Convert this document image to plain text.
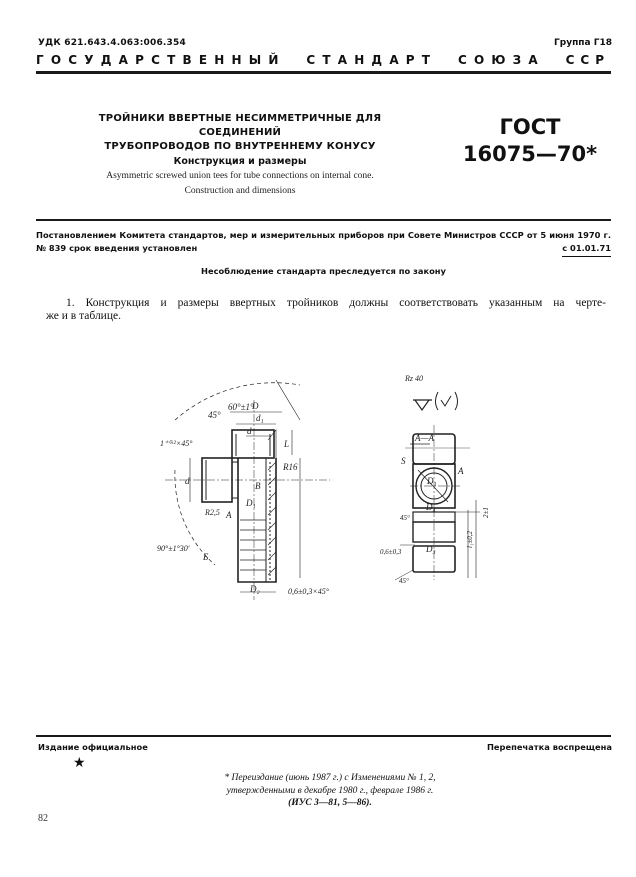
УДК 621.643.4.063:006.354	Группа Г18
ГОСУДАРСТВЕННЫЙ СТАНДАРТ СОЮЗА ССР
ТРОЙНИКИ ВВЕРТНЫЕ НЕСИММЕТРИЧНЫЕ ДЛЯ СОЕДИНЕНИЙ
ТРУБОПРОВОДОВ ПО ВНУТРЕННЕМУ КОНУСУ
Конструкция и размеры
Asymmetric screwed union tees for tube connections on internal cone.
Construction and dimensions
ГОСТ
16075—70*
Постановлением Комитета стандартов, мер и измерительных приборов при Совете Министров СССР от 5 июня 1970 г.
№ 839 срок введения установлен	с 01.01.71
Несоблюдение стандарта преследуется по закону
1. Конструкция и размеры ввертных тройников должны соответствовать указанным на черте-
же и в таблице.
60°±1°
D
d₁
d
45°
1⁺⁰·²×45°
R16
L
R2,5 A
B
D₁
90°±1°30′
Б
D₂	0,6±0,3×45°
d
Rz 40
А—А
S
D₁
A
D₄
D₃
0,6±0,3
45°
45°
2±1
l₁±0,2
Издание официальное	Перепечатка воспрещена
★
* Переиздание (июнь 1987 г.) с Изменениями № 1, 2,
утвержденными в декабре 1980 г., феврале 1986 г.
(ИУС 3—81, 5—86).
82
